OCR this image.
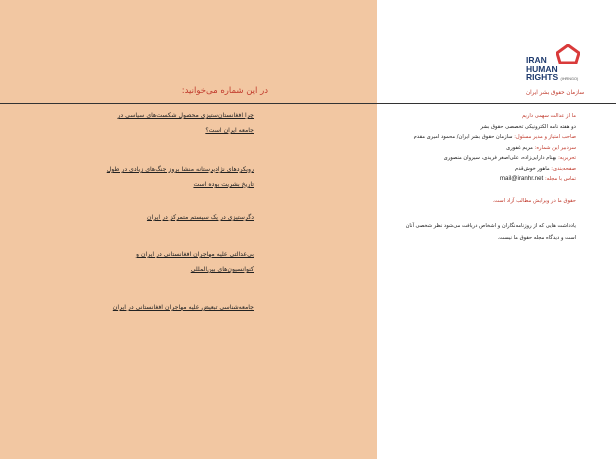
در این شماره می‌خوانید:
چرا افغانستان‌ستیزی محصول شکست‌های سیاسی در
جامعه ایران است؟
رویکردهای نژادپرستانه منشا بروز جنگ‌های زیادی در طول
تاریخ بشریت بوده است
دگرستیزی در یک سیستم متمرکز در ایران
بی‌عدالتی علیه مهاجران افغانستانی در ایران و
کنوانسیون‌های بین‌المللی
جامعه‌شناسی تبعیض علیه مهاجران افغانستانی در ایران
IRAN
HUMAN
RIGHTS (IHRNGO)
سازمان حقوق بشر ایران
ما از عدالت سهمی داریم
دو هفته نامه الکترونیکی تخصصی حقوق بشر
صاحب امتیاز و مدیر مسئول: سازمان حقوق بشر ایران/ محمود امیری مقدم
سردبیر این شماره: مریم غفوری
تحریریه: بهنام دارایی‌زاده، علی‌اصغر فریدی، سیروان منصوری
صفحه‌بندی: ماهور خوش‌قدم
تماس با مجله: mail@iranhr.net
حقوق ما در ویرایش مطالب آزاد است.
یادداشت هایی که از روزنامه‌نگاران و اشخاص دریافت می‌شود نظر شخصی آنان
است و دیدگاه مجله حقوق ما نیست.
